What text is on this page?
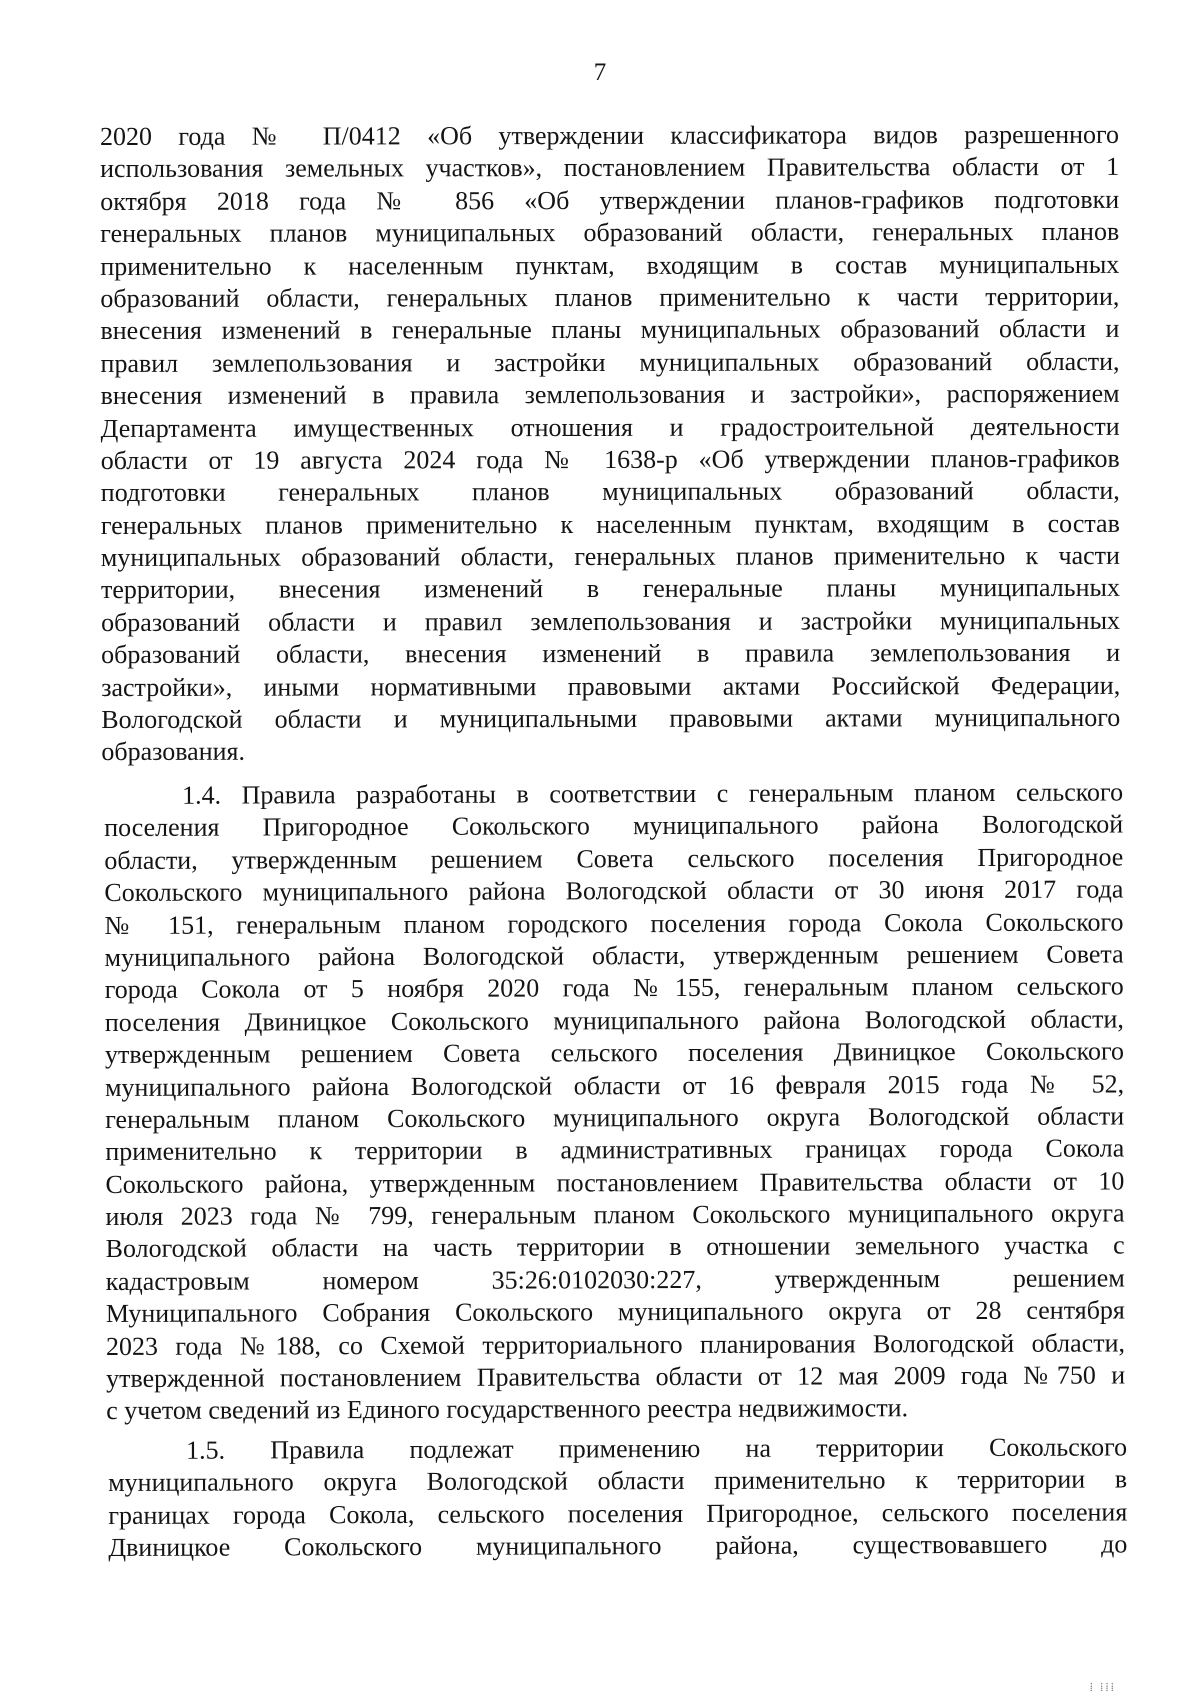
7
2020 года № П/0412 «Об утверждении классификатора видов разрешенного
использования земельных участков», постановлением Правительства области от 1
октября 2018 года № 856 «Об утверждении планов-графиков подготовки
генеральных планов муниципальных образований области, генеральных планов
применительно к населенным пунктам, входящим в состав муниципальных
образований области, генеральных планов применительно к части территории,
внесения изменений в генеральные планы муниципальных образований области и
правил землепользования и застройки муниципальных образований области,
внесения изменений в правила землепользования и застройки», распоряжением
Департамента имущественных отношения и градостроительной деятельности
области от 19 августа 2024 года № 1638-р «Об утверждении планов-графиков
подготовки генеральных планов муниципальных образований области,
генеральных планов применительно к населенным пунктам, входящим в состав
муниципальных образований области, генеральных планов применительно к части
территории, внесения изменений в генеральные планы муниципальных
образований области и правил землепользования и застройки муниципальных
образований области, внесения изменений в правила землепользования и
застройки», иными нормативными правовыми актами Российской Федерации,
Вологодской области и муниципальными правовыми актами муниципального
образования.
1.4. Правила разработаны в соответствии с генеральным планом сельского
поселения Пригородное Сокольского муниципального района Вологодской
области, утвержденным решением Совета сельского поселения Пригородное
Сокольского муниципального района Вологодской области от 30 июня 2017 года
№ 151, генеральным планом городского поселения города Сокола Сокольского
муниципального района Вологодской области, утвержденным решением Совета
города Сокола от 5 ноября 2020 года №155, генеральным планом сельского
поселения Двиницкое Сокольского муниципального района Вологодской области,
утвержденным решением Совета сельского поселения Двиницкое Сокольского
муниципального района Вологодской области от 16 февраля 2015 года № 52,
генеральным планом Сокольского муниципального округа Вологодской области
применительно к территории в административных границах города Сокола
Сокольского района, утвержденным постановлением Правительства области от 10
июля 2023 года № 799, генеральным планом Сокольского муниципального округа
Вологодской области на часть территории в отношении земельного участка с
кадастровым номером 35:26:0102030:227, утвержденным решением
Муниципального Собрания Сокольского муниципального округа от 28 сентября
2023 года №188, со Схемой территориального планирования Вологодской области,
утвержденной постановлением Правительства области от 12 мая 2009 года №750 и
с учетом сведений из Единого государственного реестра недвижимости.
1.5. Правила подлежат применению на территории Сокольского
муниципального округа Вологодской области применительно к территории в
границах города Сокола, сельского поселения Пригородное, сельского поселения
Двиницкое Сокольского муниципального района, существовавшего до
⁞ ⁞⁞⁞
